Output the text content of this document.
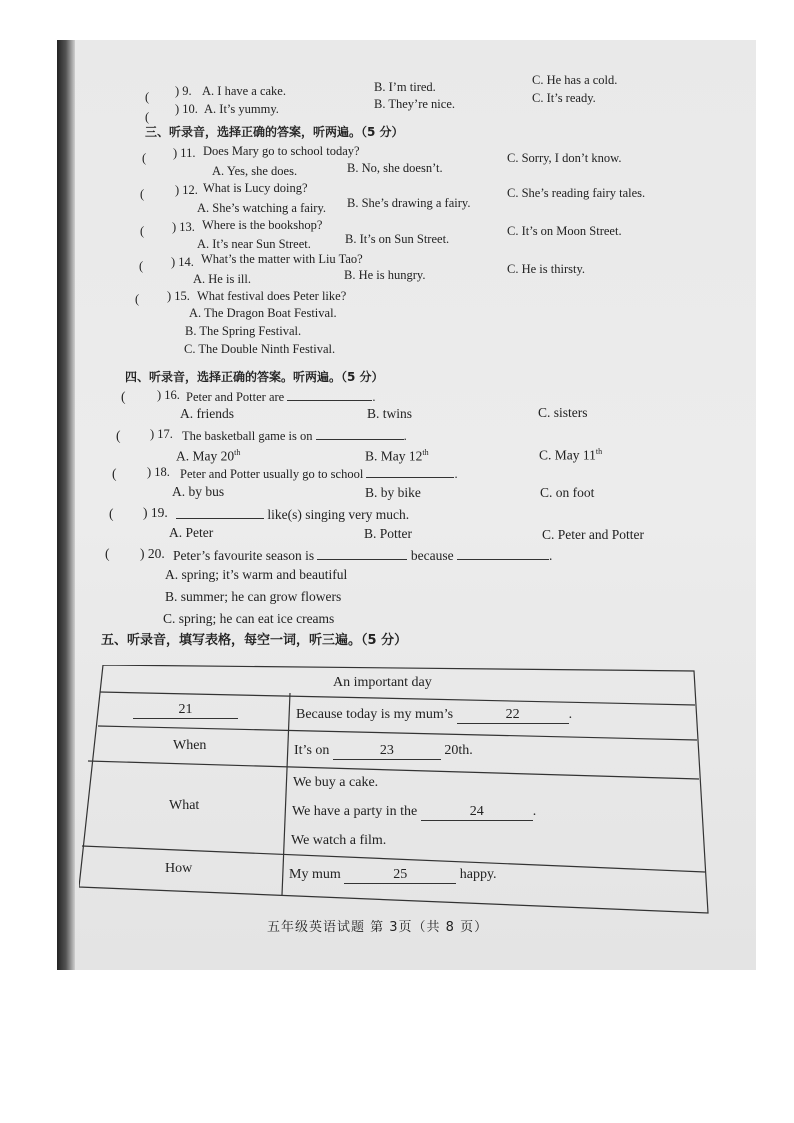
( ) 9. A. I have a cake.	B. I’m tired.	C. He has a cold.
(
) 10. A. It’s yummy.	B. They’re nice.	C. It’s ready.
三、听录音，选择正确的答案，听两遍。（5 分）
( ) 11. Does Mary go to school today?
A. Yes, she does.	B. No, she doesn’t.
C. Sorry, I don’t know.
( ) 12. What is Lucy doing?
A. She’s watching a fairy. B. She’s drawing a fairy.
C. She’s reading fairy tales.
( ) 13. Where is the bookshop?
A. It’s near Sun Street.	B. It’s on Sun Street.
C. It’s on Moon Street.
( ) 14. What’s the matter with Liu Tao?
A. He is ill.	B. He is hungry.	C. He is thirsty.
( ) 15. What festival does Peter like?
A. The Dragon Boat Festival.
B. The Spring Festival.
C. The Double Ninth Festival.
四、听录音，选择正确的答案。听两遍。（5 分）
(	) 16. Peter and Potter are	.
A. friends	B. twins	C. sisters
( ) 17. The basketball game is on	.
A. May 20th	B. May 12th	C. May 11th
( ) 18. Peter and Potter usually go to school	.
A. by bus	B. by bike	C. on foot
( ) 19.	like(s) singing very much.
A. Peter	B. Potter	C. Peter and Potter
( ) 20. Peter’s favourite season is	because	.
A. spring; it’s warm and beautiful
B. summer; he can grow flowers
C. spring; he can eat ice creams
五、听录音，填写表格，每空一词，听三遍。（5 分）
An important day
21	Because today is my mum’s	22	.
When	It’s on	23	20th.
What
We buy a cake.
We have a party in the	24	.
We watch a film.
How	My mum	25	happy.
五年级英语试题 第 3页（共 8 页）
